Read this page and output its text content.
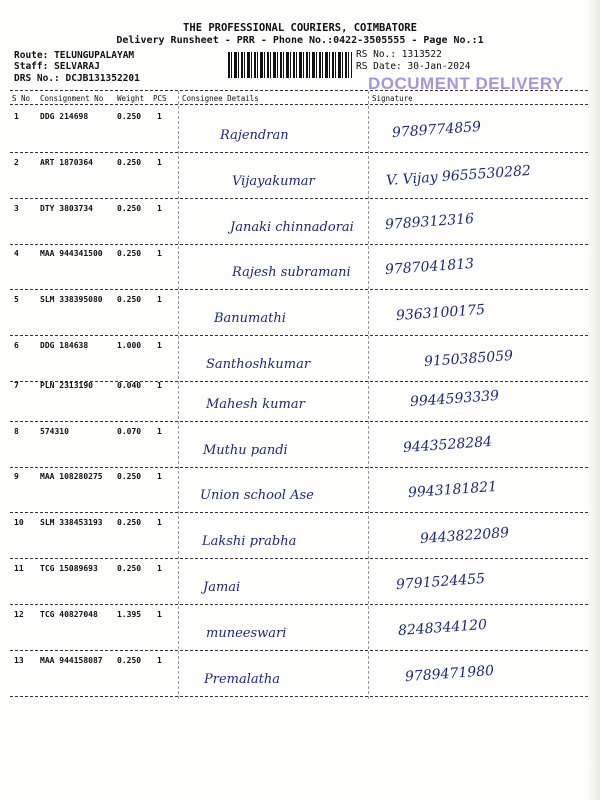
THE PROFESSIONAL COURIERS, COIMBATORE
Delivery Runsheet - PRR - Phone No.:0422-3505555 - Page No.:1
Route: TELUNGUPALAYAM
Staff: SELVARAJ
DRS No.: DCJB131352201
RS No.: 1313522
RS Date: 30-Jan-2024
DOCUMENT DELIVERY
S No Consignment No Weight PCS Consignee Details	Signature
1	DDG 214698	0.250 1
Rajendran	9789774859
2	ART 1870364	0.250 1
Vijayakumar	V. Vijay 9655530282
3	DTY 3803734	0.250 1
Janaki chinnadorai 9789312316
4	MAA 944341500 0.250 1
Rajesh subramani 9787041813
5	SLM 338395080 0.250 1
Banumathi	9363100175
6	DDG 184638	1.000 1
Santhoshkumar	9150385059
7	PLN 2313190	0.040 1
Mahesh kumar	9944593339
8	574310	0.070 1
Muthu pandi	9443528284
9	MAA 108280275 0.250 1
Union school Ase	9943181821
10 SLM 338453193 0.250 1
Lakshi prabha	9443822089
11 TCG 15089693 0.250 1
Jamai	9791524455
12 TCG 40827048 1.395 1
muneeswari	8248344120
13 MAA 944158087 0.250 1
Premalatha	9789471980
